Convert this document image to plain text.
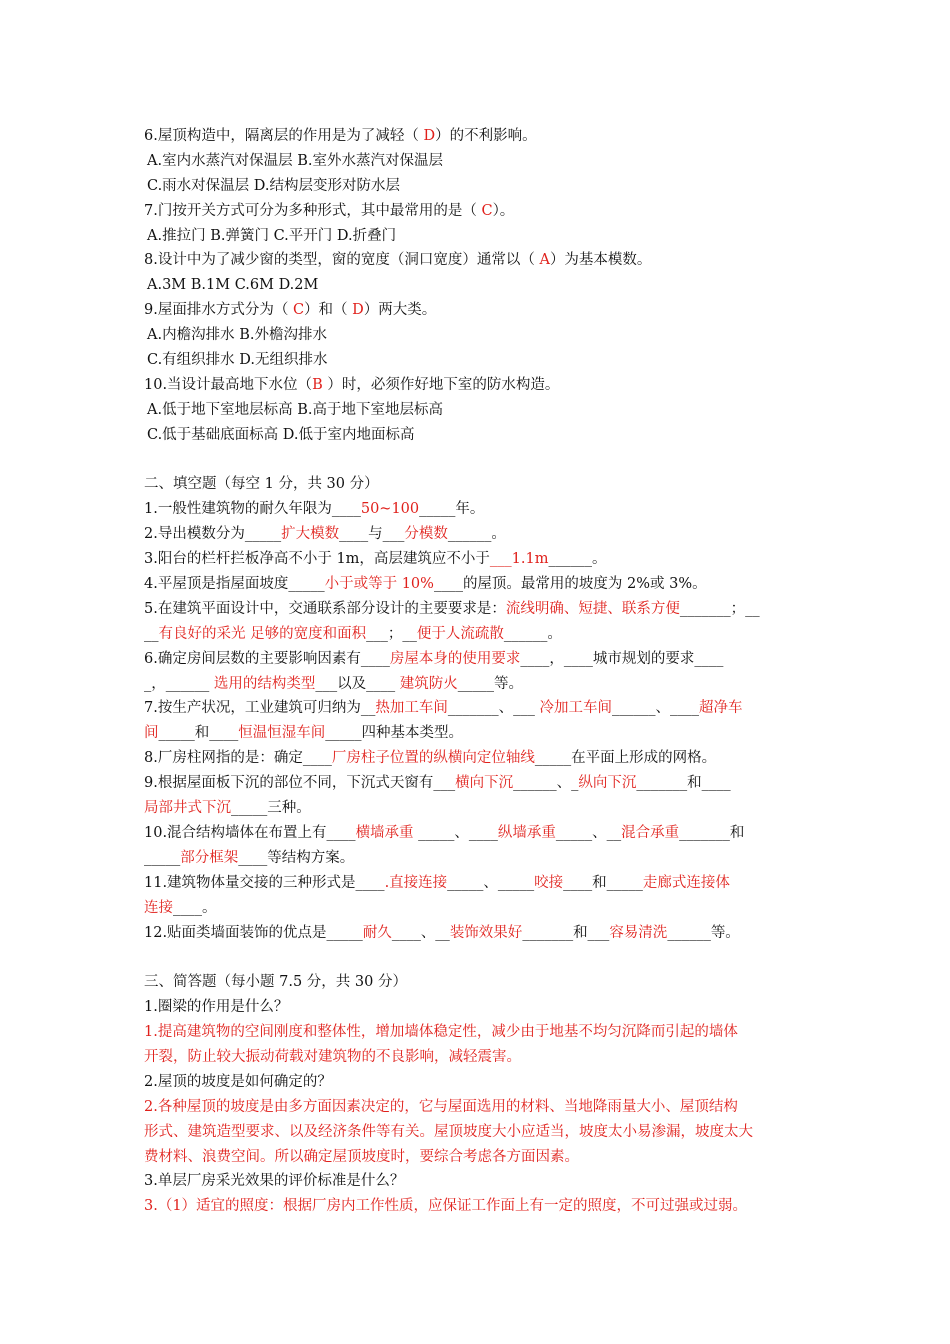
6.屋顶构造中，隔离层的作用是为了减轻（ D）的不利影响。
A.室内水蒸汽对保温层 B.室外水蒸汽对保温层
C.雨水对保温层 D.结构层变形对防水层
7.门按开关方式可分为多种形式，其中最常用的是（ C）。
A.推拉门 B.弹簧门 C.平开门 D.折叠门
8.设计中为了减少窗的类型，窗的宽度（洞口宽度）通常以（ A）为基本模数。
A.3M B.1M C.6M D.2M
9.屋面排水方式分为（ C）和（ D）两大类。
A.内檐沟排水 B.外檐沟排水
C.有组织排水 D.无组织排水
10.当设计最高地下水位（B ）时，必须作好地下室的防水构造。
A.低于地下室地层标高 B.高于地下室地层标高
C.低于基础底面标高 D.低于室内地面标高
二、填空题（每空 1 分，共 30 分）
1.一般性建筑物的耐久年限为____50~100_____年。
2.导出模数分为_____扩大模数____与___分模数______。
3.阳台的栏杆拦板净高不小于 1m，高层建筑应不小于___1.1m______。
4.平屋顶是指屋面坡度_____小于或等于 10%____的屋顶。最常用的坡度为 2%或 3%。
5.在建筑平面设计中，交通联系部分设计的主要要求是：流线明确、短捷、联系方便_______；__
__有良好的采光 足够的宽度和面积___；__便于人流疏散______。
6.确定房间层数的主要影响因素有____房屋本身的使用要求____，____城市规划的要求____
_，______ 选用的结构类型___以及____ 建筑防火_____等。
7.按生产状况，工业建筑可归纳为__热加工车间_______、___ 冷加工车间______、____超净车
间_____和____恒温恒湿车间_____四种基本类型。
8.厂房柱网指的是：确定____厂房柱子位置的纵横向定位轴线_____在平面上形成的网格。
9.根据屋面板下沉的部位不同，下沉式天窗有___横向下沉______、_纵向下沉_______和____
局部井式下沉_____三种。
10.混合结构墙体在布置上有____横墙承重 _____、____纵墙承重_____、__混合承重_______和
_____部分框架____等结构方案。
11.建筑物体量交接的三种形式是____.直接连接_____、_____咬接____和_____走廊式连接体
连接____。
12.贴面类墙面装饰的优点是_____耐久____、__装饰效果好_______和___容易清洗______等。
三、简答题（每小题 7.5 分，共 30 分）
1.圈梁的作用是什么？
1.提高建筑物的空间刚度和整体性，增加墙体稳定性，减少由于地基不均匀沉降而引起的墙体
开裂，防止较大振动荷载对建筑物的不良影响，减轻震害。
2.屋顶的坡度是如何确定的？
2.各种屋顶的坡度是由多方面因素决定的，它与屋面选用的材料、当地降雨量大小、屋顶结构
形式、建筑造型要求、以及经济条件等有关。屋顶坡度大小应适当，坡度太小易渗漏，坡度太大
费材料、浪费空间。所以确定屋顶坡度时，要综合考虑各方面因素。
3.单层厂房采光效果的评价标准是什么？
3.（1）适宜的照度：根据厂房内工作性质，应保证工作面上有一定的照度，不可过强或过弱。
